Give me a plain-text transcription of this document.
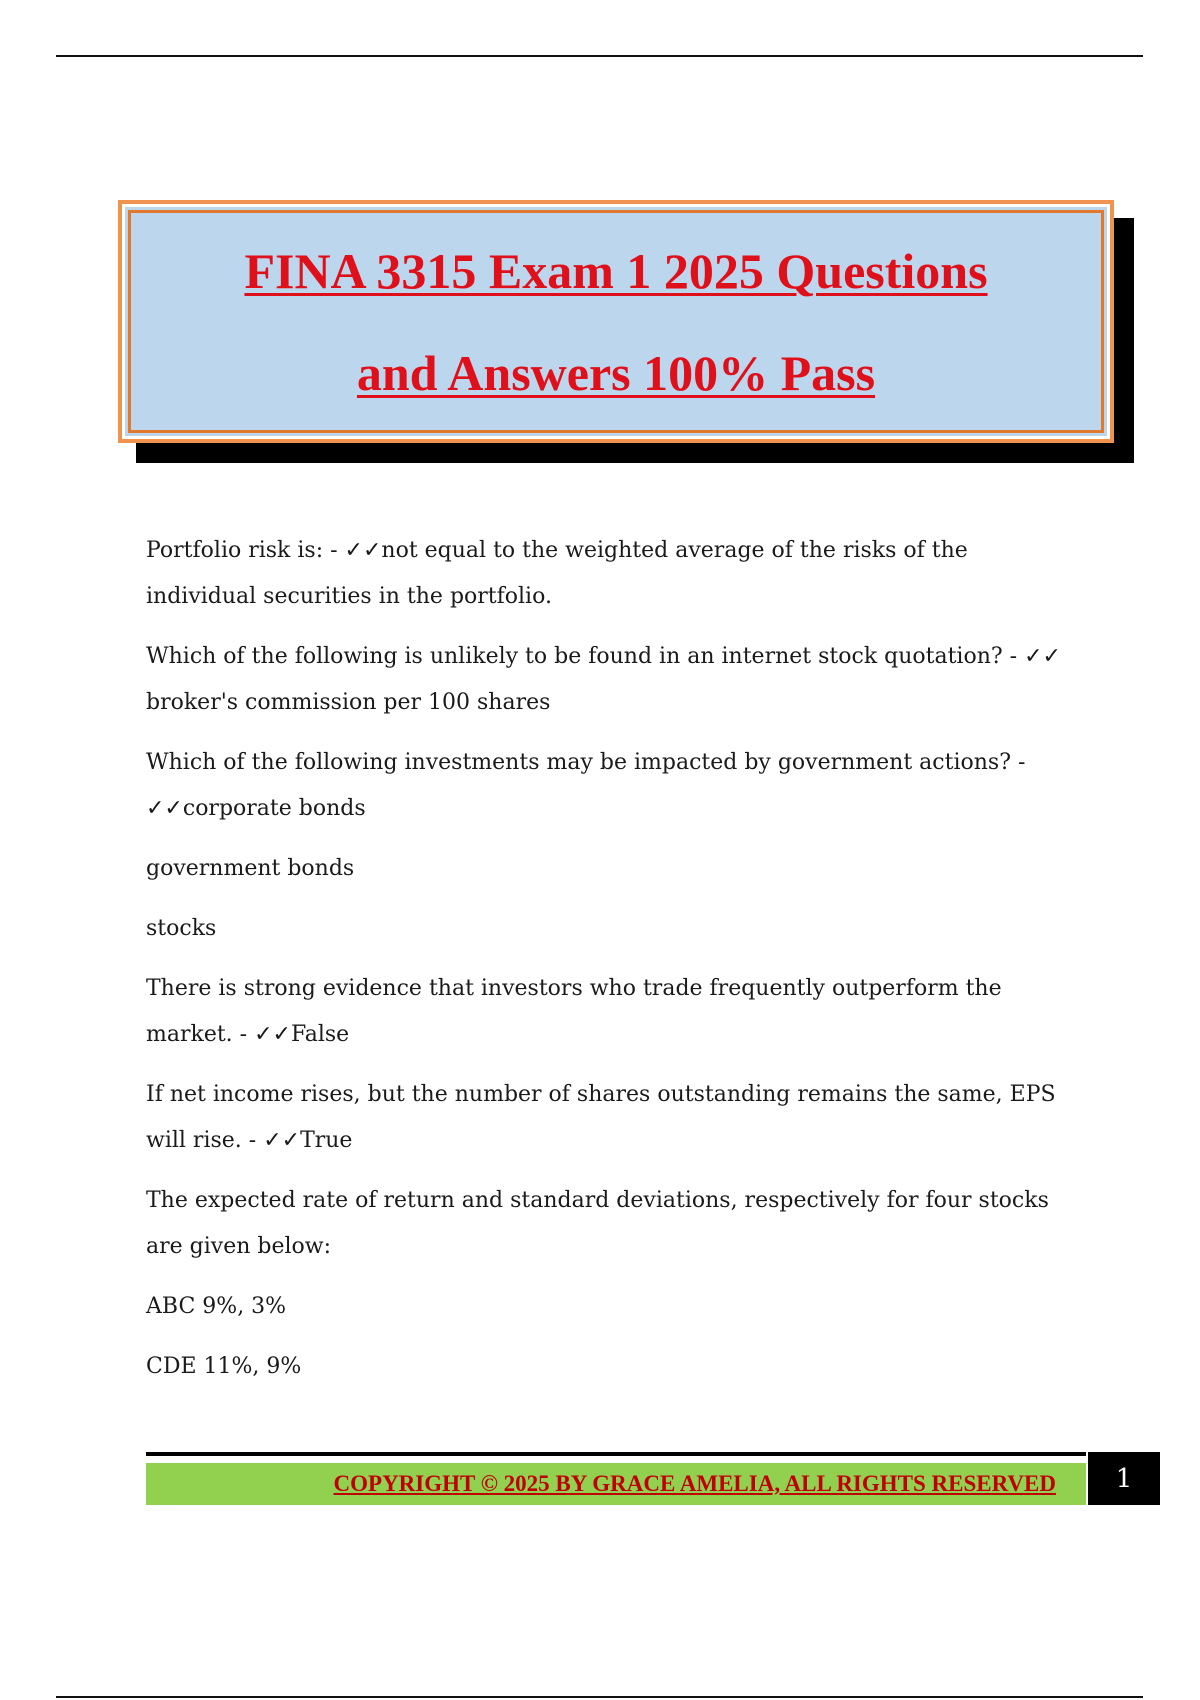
FINA 3315 Exam 1 2025 Questions
and Answers 100% Pass

Portfolio risk is: - ✓✓not equal to the weighted average of the risks of the individual securities in the portfolio.

Which of the following is unlikely to be found in an internet stock quotation? - ✓✓ broker's commission per 100 shares

Which of the following investments may be impacted by government actions? - ✓✓corporate bonds

government bonds

stocks

There is strong evidence that investors who trade frequently outperform the market. - ✓✓False

If net income rises, but the number of shares outstanding remains the same, EPS will rise. - ✓✓True

The expected rate of return and standard deviations, respectively for four stocks are given below:

ABC 9%, 3%

CDE 11%, 9%

COPYRIGHT © 2025 BY GRACE AMELIA, ALL RIGHTS RESERVED	1
